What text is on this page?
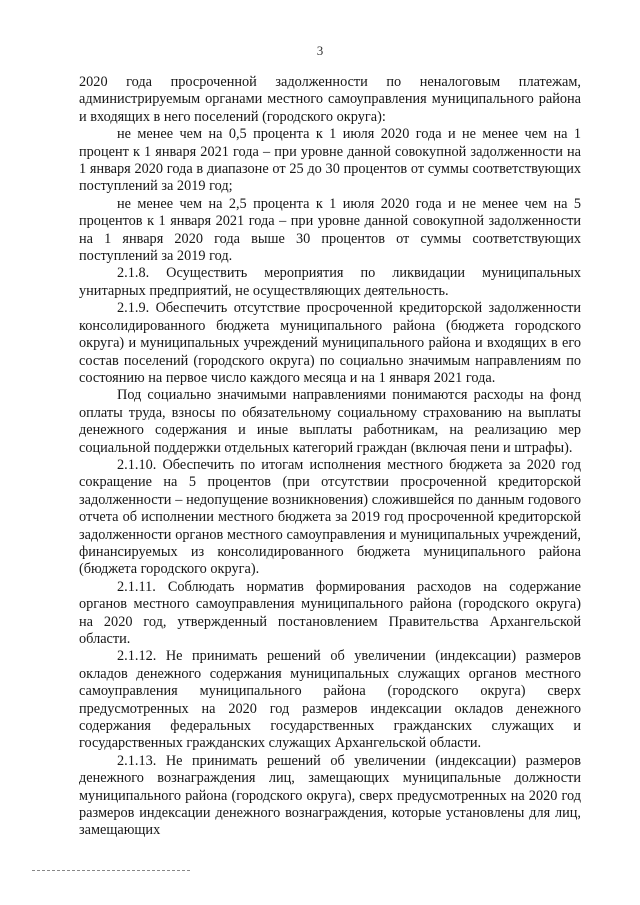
3

2020 года просроченной задолженности по неналоговым платежам, администрируемым органами местного самоуправления муниципального района и входящих в него поселений (городского округа):

не менее чем на 0,5 процента к 1 июля 2020 года и не менее чем на 1 процент к 1 января 2021 года – при уровне данной совокупной задолженности на 1 января 2020 года в диапазоне от 25 до 30 процентов от суммы соответствующих поступлений за 2019 год;

не менее чем на 2,5 процента к 1 июля 2020 года и не менее чем на 5 процентов к 1 января 2021 года – при уровне данной совокупной задолженности на 1 января 2020 года выше 30 процентов от суммы соответствующих поступлений за 2019 год.

2.1.8. Осуществить мероприятия по ликвидации муниципальных унитарных предприятий, не осуществляющих деятельность.

2.1.9. Обеспечить отсутствие просроченной кредиторской задолженности консолидированного бюджета муниципального района (бюджета городского округа) и муниципальных учреждений муниципального района и входящих в его состав поселений (городского округа) по социально значимым направлениям по состоянию на первое число каждого месяца и на 1 января 2021 года.

Под социально значимыми направлениями понимаются расходы на фонд оплаты труда, взносы по обязательному социальному страхованию на выплаты денежного содержания и иные выплаты работникам, на реализацию мер социальной поддержки отдельных категорий граждан (включая пени и штрафы).

2.1.10. Обеспечить по итогам исполнения местного бюджета за 2020 год сокращение на 5 процентов (при отсутствии просроченной кредиторской задолженности – недопущение возникновения) сложившейся по данным годового отчета об исполнении местного бюджета за 2019 год просроченной кредиторской задолженности органов местного самоуправления и муниципальных учреждений, финансируемых из консолидированного бюджета муниципального района (бюджета городского округа).

2.1.11. Соблюдать норматив формирования расходов на содержание органов местного самоуправления муниципального района (городского округа) на 2020 год, утвержденный постановлением Правительства Архангельской области.

2.1.12. Не принимать решений об увеличении (индексации) размеров окладов денежного содержания муниципальных служащих органов местного самоуправления муниципального района (городского округа) сверх предусмотренных на 2020 год размеров индексации окладов денежного содержания федеральных государственных гражданских служащих и государственных гражданских служащих Архангельской области.

2.1.13. Не принимать решений об увеличении (индексации) размеров денежного вознаграждения лиц, замещающих муниципальные должности муниципального района (городского округа), сверх предусмотренных на 2020 год размеров индексации денежного вознаграждения, которые установлены для лиц, замещающих
